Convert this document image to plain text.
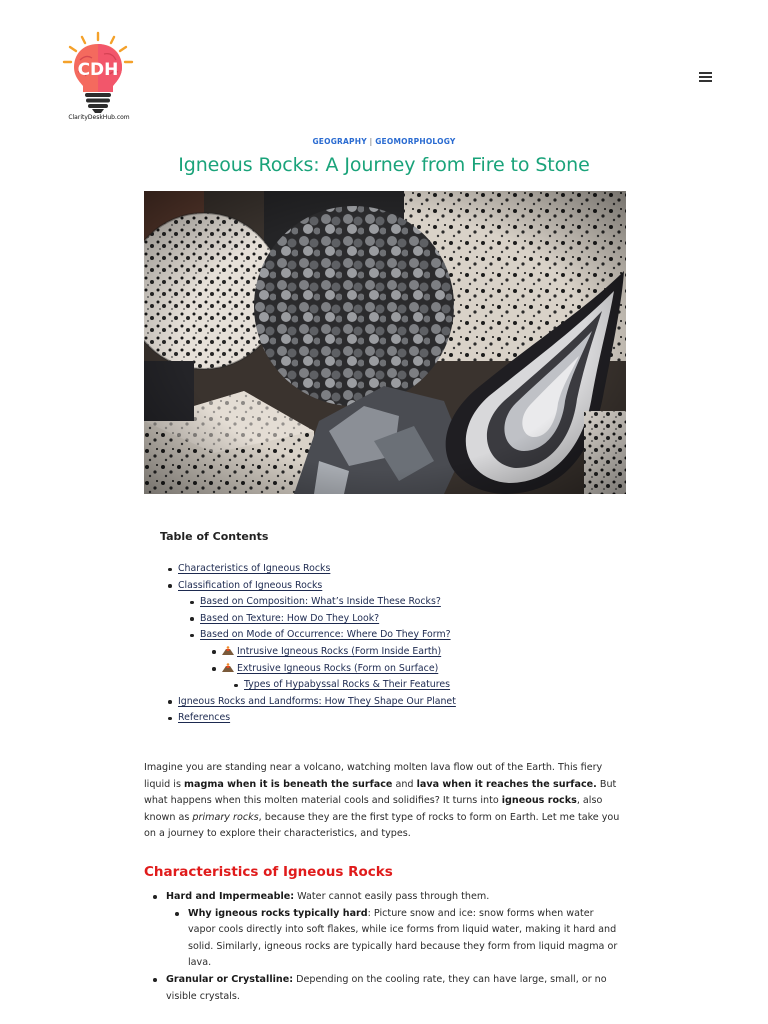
CDH
ClarityDeskHub.com
GEOGRAPHY | GEOMORPHOLOGY
Igneous Rocks: A Journey from Fire to Stone
Table of Contents
Characteristics of Igneous Rocks
Classification of Igneous Rocks
Based on Composition: What’s Inside These Rocks?
Based on Texture: How Do They Look?
Based on Mode of Occurrence: Where Do They Form?
Intrusive Igneous Rocks (Form Inside Earth)
Extrusive Igneous Rocks (Form on Surface)
Types of Hypabyssal Rocks & Their Features
Igneous Rocks and Landforms: How They Shape Our Planet
References

Imagine you are standing near a volcano, watching molten lava flow out of the Earth. This fiery liquid is magma when it is beneath the surface and lava when it reaches the surface. But what happens when this molten material cools and solidifies? It turns into igneous rocks, also known as primary rocks, because they are the first type of rocks to form on Earth. Let me take you on a journey to explore their characteristics, and types.

Characteristics of Igneous Rocks
Hard and Impermeable: Water cannot easily pass through them.
Why igneous rocks typically hard: Picture snow and ice: snow forms when water vapor cools directly into soft flakes, while ice forms from liquid water, making it hard and solid. Similarly, igneous rocks are typically hard because they form from liquid magma or lava.
Granular or Crystalline: Depending on the cooling rate, they can have large, small, or no visible crystals.
